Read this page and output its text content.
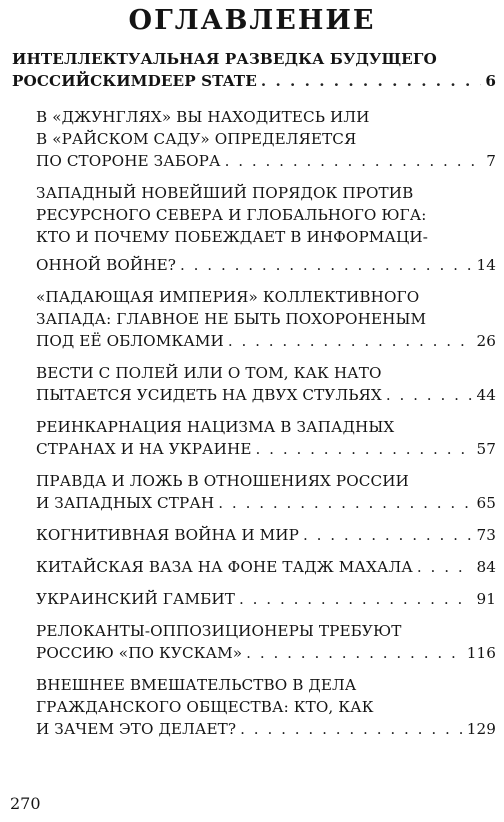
ОГЛАВЛЕНИЕ
ИНТЕЛЛЕКТУАЛЬНАЯ РАЗВЕДКА БУДУЩЕГО
РОССИЙСКИМDEEP STATE . . .	6
В «ДЖУНГЛЯХ» ВЫ НАХОДИТЕСЬ ИЛИ
В «РАЙСКОМ САДУ» ОПРЕДЕЛЯЕТСЯ
ПО СТОРОНЕ ЗАБОРА . . .	7
ЗАПАДНЫЙ НОВЕЙШИЙ ПОРЯДОК ПРОТИВ
РЕСУРСНОГО СЕВЕРА И ГЛОБАЛЬНОГО ЮГА:
КТО И ПОЧЕМУ ПОБЕЖДАЕТ В ИНФОРМАЦИ-
ОННОЙ ВОЙНЕ? . . .	14
«ПАДАЮЩАЯ ИМПЕРИЯ» КОЛЛЕКТИВНОГО
ЗАПАДА: ГЛАВНОЕ НЕ БЫТЬ ПОХОРОНЕНЫМ
ПОД ЕЁ ОБЛОМКАМИ . . .	26
ВЕСТИ С ПОЛЕЙ ИЛИ О ТОМ, КАК НАТО
ПЫТАЕТСЯ УСИДЕТЬ НА ДВУХ СТУЛЬЯХ . . .	44
РЕИНКАРНАЦИЯ НАЦИЗМА В ЗАПАДНЫХ
СТРАНАХ И НА УКРАИНЕ . . .	57
ПРАВДА И ЛОЖЬ В ОТНОШЕНИЯХ РОССИИ
И ЗАПАДНЫХ СТРАН . . .	65
КОГНИТИВНАЯ ВОЙНА И МИР . . .	73
КИТАЙСКАЯ ВАЗА НА ФОНЕ ТАДЖ МАХАЛА . . .	84
УКРАИНСКИЙ ГАМБИТ . . .	91
РЕЛОКАНТЫ-ОППОЗИЦИОНЕРЫ ТРЕБУЮТ
РОССИЮ «ПО КУСКАМ» . . .	116
ВНЕШНЕЕ ВМЕШАТЕЛЬСТВО В ДЕЛА
ГРАЖДАНСКОГО ОБЩЕСТВА: КТО, КАК
И ЗАЧЕМ ЭТО ДЕЛАЕТ? . . .	129
270
